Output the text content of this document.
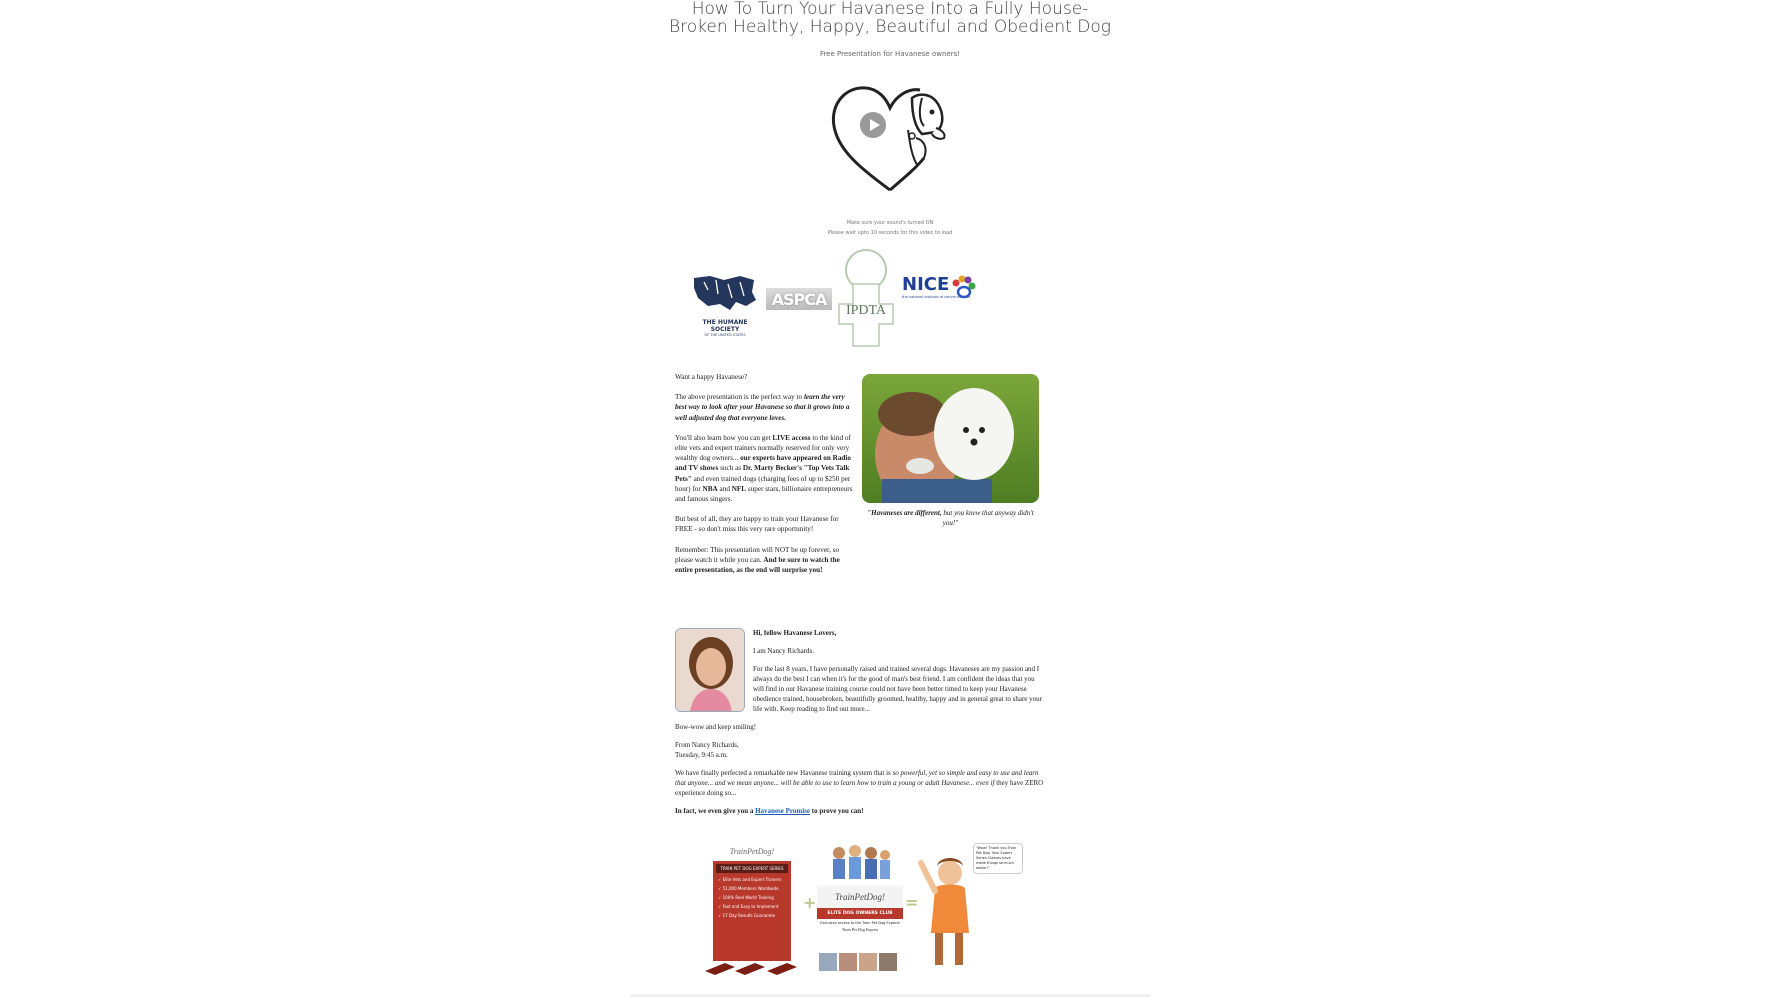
How To Turn Your Havanese Into a Fully House-
Broken Healthy, Happy, Beautiful and Obedient Dog
Free Presentation for Havanese owners!
Make sure your sound's turned ON
Please wait upto 10 seconds for this video to load
THE HUMANE SOCIETY
OF THE UNITED STATES
ASPCA
IPDTA
NICE
the national institute of canine experts

Want a happy Havanese?

The above presentation is the perfect way to learn the very best way to look after your Havanese so that it grows into a well adjusted dog that everyone loves.

You'll also learn how you can get LIVE access to the kind of elite vets and expert trainers normally reserved for only very wealthy dog owners... our experts have appeared on Radio and TV shows such as Dr. Marty Becker's "Top Vets Talk Pets" and even trained dogs (charging fees of up to $250 per hour) for NBA and NFL super stars, billionaire entrepreneurs and famous singers.

But best of all, they are happy to train your Havanese for FREE - so don't miss this very rare opportunity!

Remember: This presentation will NOT be up forever, so please watch it while you can. And be sure to watch the entire presentation, as the end will surprise you!

"Havaneses are different, but you knew that anyway didn't you!"

Hi, fellow Havanese Lovers,

I am Nancy Richards.

For the last 8 years, I have personally raised and trained several dogs. Havaneses are my passion and I always do the best I can when it's for the good of man's best friend. I am confident the ideas that you will find in our Havanese training course could not have been better timed to keep your Havanese obedience trained, housebroken, beautifully groomed, healthy, happy and in general great to share your life with. Keep reading to find out more...

Bow-wow and keep smiling!

From Nancy Richards,
Tuesday, 9:45 a.m.

We have finally perfected a remarkable new Havanese training system that is so powerful, yet so simple and easy to use and learn that anyone... and we mean anyone... will be able to use to learn how to train a young or adult Havanese... even if they have ZERO experience doing so...

In fact, we even give you a Havanese Promise to prove you can!

TrainPetDog!
TRAIN PET DOG EXPERT SERIES
✓ Elite Vets and Expert Trainers
✓ 51,000 Members Worldwide
✓ 100% Real World Training
✓ Fast and Easy to Implement
✓ 17 Day Results Guarantee
+	TrainPetDog!
ELITE DOG OWNERS CLUB
Exclusive access to the Train Pet Dog Experts
Train Pet Dog Experts
=
"Wow! Thank you Train Pet Dog. Your Expert Series Classes have made things so much easier!"
